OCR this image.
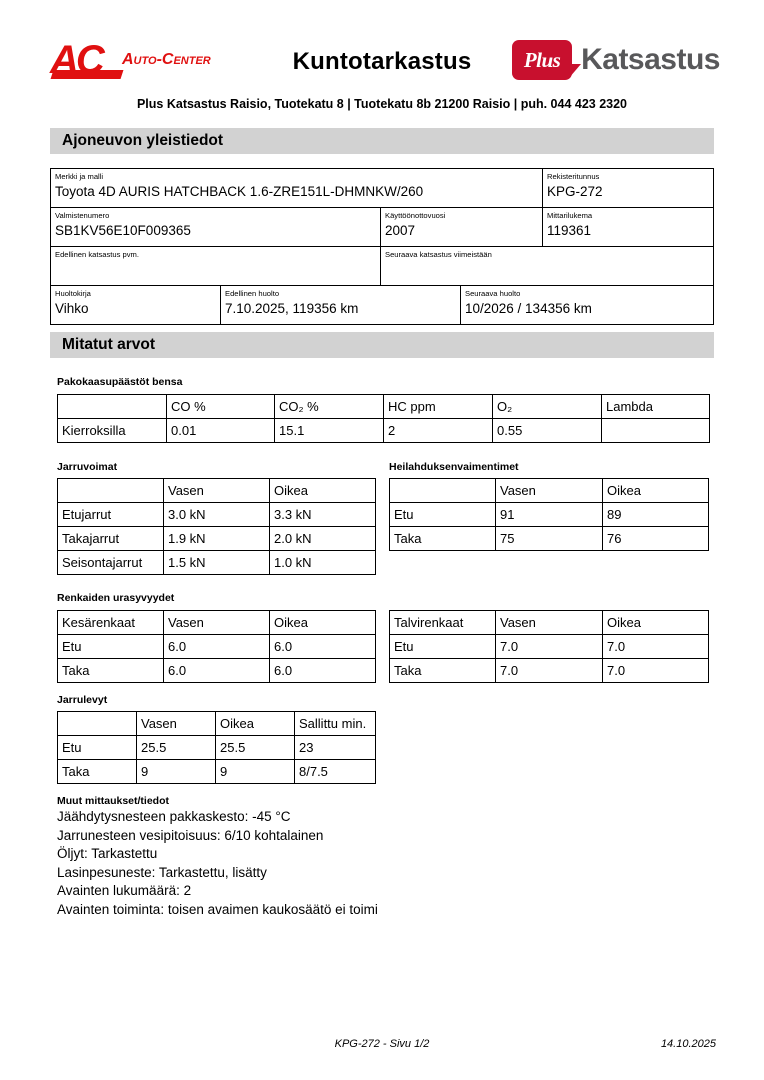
AC Auto-Center	Kuntotarkastus	Plus Katsastus
Plus Katsastus Raisio, Tuotekatu 8 | Tuotekatu 8b 21200 Raisio | puh. 044 423 2320
Ajoneuvon yleistiedot
Merkki ja malli
Toyota 4D AURIS HATCHBACK 1.6-ZRE151L-DHMNKW/260
Rekisteritunnus
KPG-272
Valmistenumero
SB1KV56E10F009365
Käyttöönottovuosi
2007
Mittarilukema
119361
Edellinen katsastus pvm.	Seuraava katsastus viimeistään
Huoltokirja
Vihko
Edellinen huolto
7.10.2025, 119356 km
Seuraava huolto
10/2026 / 134356 km
Mitatut arvot
Pakokaasupäästöt bensa
	CO %	CO₂ %	HC ppm	O₂	Lambda
Kierroksilla	0.01	15.1	2	0.55	
Jarruvoimat
	Vasen	Oikea
Etujarrut	3.0 kN	3.3 kN
Takajarrut	1.9 kN	2.0 kN
Seisontajarrut	1.5 kN	1.0 kN
Heilahduksenvaimentimet
	Vasen	Oikea
Etu	91	89
Taka	75	76
Renkaiden urasyvyydet
Kesärenkaat	Vasen	Oikea
Etu	6.0	6.0
Taka	6.0	6.0
Talvirenkaat	Vasen	Oikea
Etu	7.0	7.0
Taka	7.0	7.0
Jarrulevyt
	Vasen	Oikea	Sallittu min.
Etu	25.5	25.5	23
Taka	9	9	8/7.5
Muut mittaukset/tiedot
Jäähdytysnesteen pakkaskesto: -45 °C
Jarrunesteen vesipitoisuus: 6/10 kohtalainen
Öljyt: Tarkastettu
Lasinpesuneste: Tarkastettu, lisätty
Avainten lukumäärä: 2
Avainten toiminta: toisen avaimen kaukosäätö ei toimi
KPG-272 - Sivu 1/2	14.10.2025
